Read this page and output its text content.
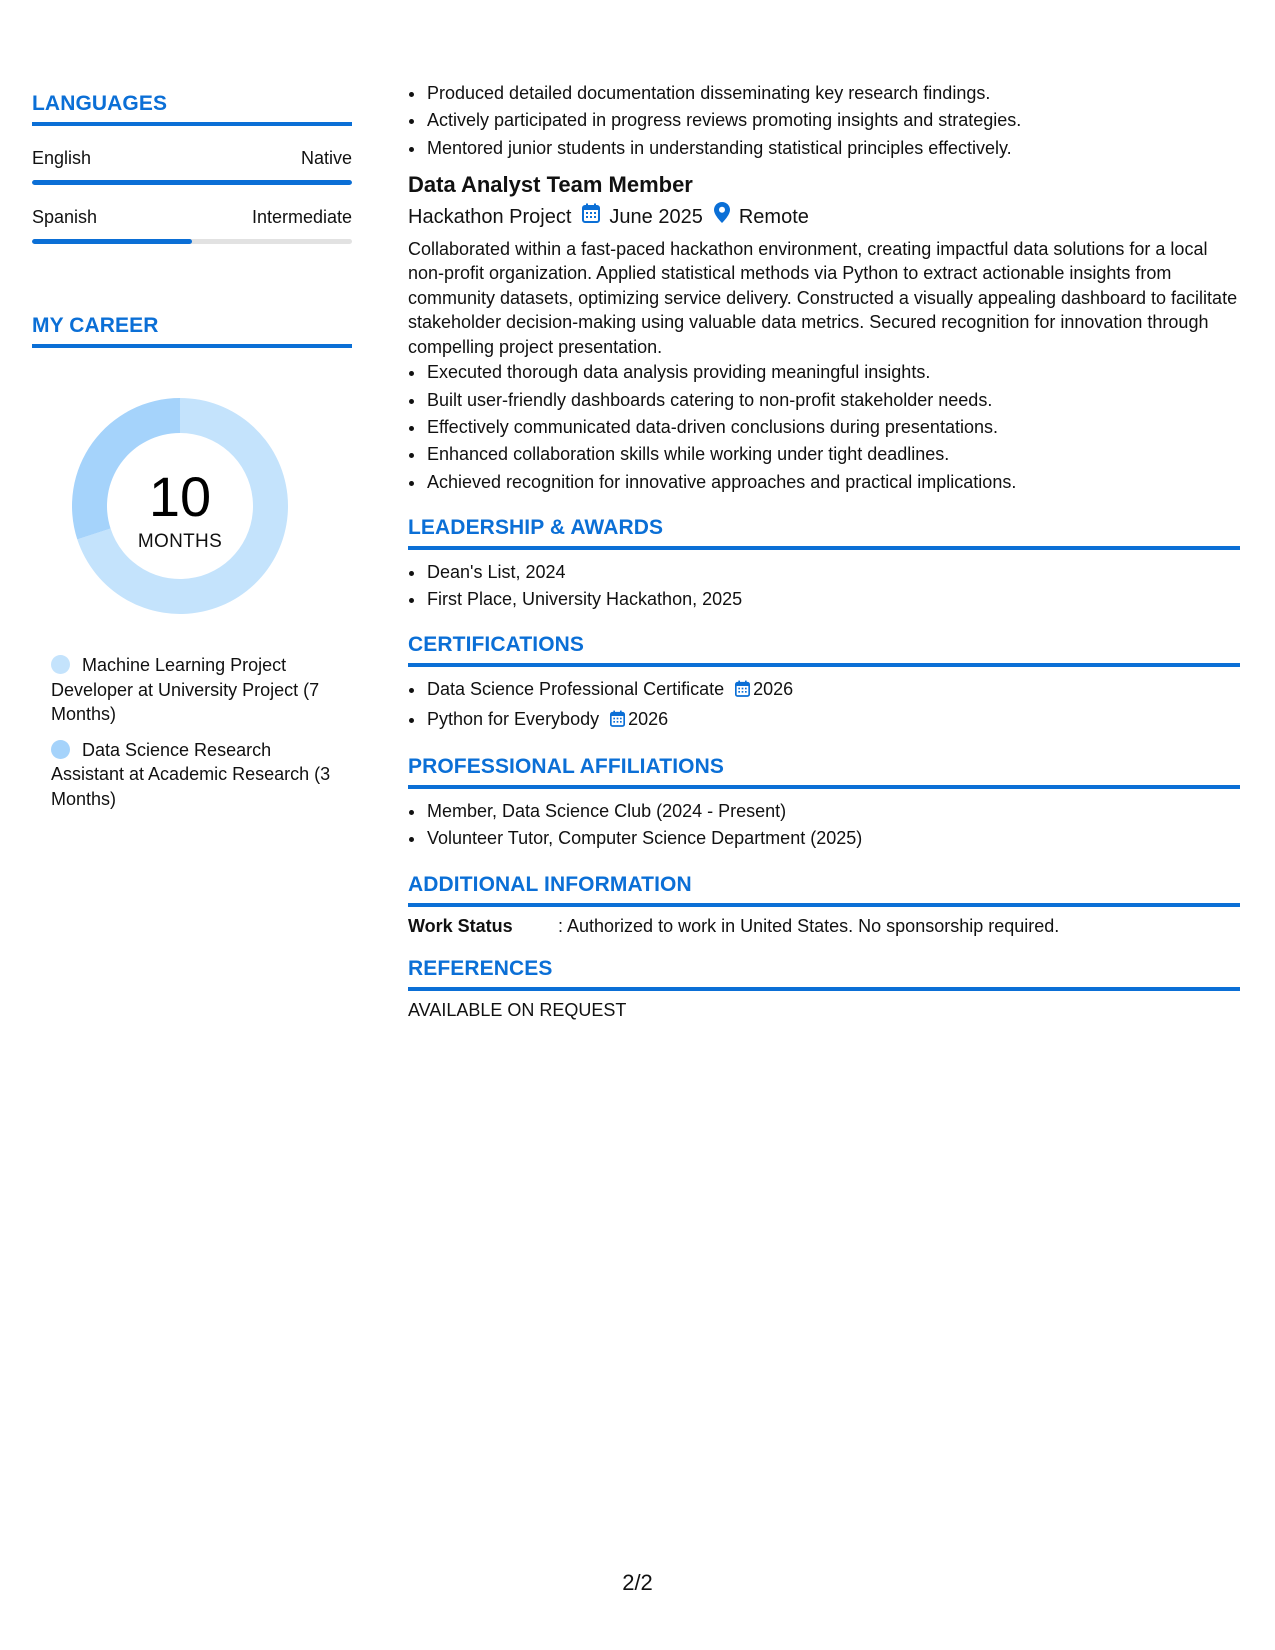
LANGUAGES
English	Native
Spanish	Intermediate
MY CAREER
10
MONTHS
Machine Learning Project Developer at University Project (7 Months)
Data Science Research Assistant at Academic Research (3 Months)
• Produced detailed documentation disseminating key research findings.
• Actively participated in progress reviews promoting insights and strategies.
• Mentored junior students in understanding statistical principles effectively.
Data Analyst Team Member
Hackathon Project June 2025 Remote
Collaborated within a fast-paced hackathon environment, creating impactful data solutions for a local non-profit organization. Applied statistical methods via Python to extract actionable insights from community datasets, optimizing service delivery. Constructed a visually appealing dashboard to facilitate stakeholder decision-making using valuable data metrics. Secured recognition for innovation through compelling project presentation.
• Executed thorough data analysis providing meaningful insights.
• Built user-friendly dashboards catering to non-profit stakeholder needs.
• Effectively communicated data-driven conclusions during presentations.
• Enhanced collaboration skills while working under tight deadlines.
• Achieved recognition for innovative approaches and practical implications.
LEADERSHIP & AWARDS
• Dean's List, 2024
• First Place, University Hackathon, 2025
CERTIFICATIONS
• Data Science Professional Certificate 2026
• Python for Everybody 2026
PROFESSIONAL AFFILIATIONS
• Member, Data Science Club (2024 - Present)
• Volunteer Tutor, Computer Science Department (2025)
ADDITIONAL INFORMATION
Work Status	: Authorized to work in United States. No sponsorship required.
REFERENCES
AVAILABLE ON REQUEST
2/2
